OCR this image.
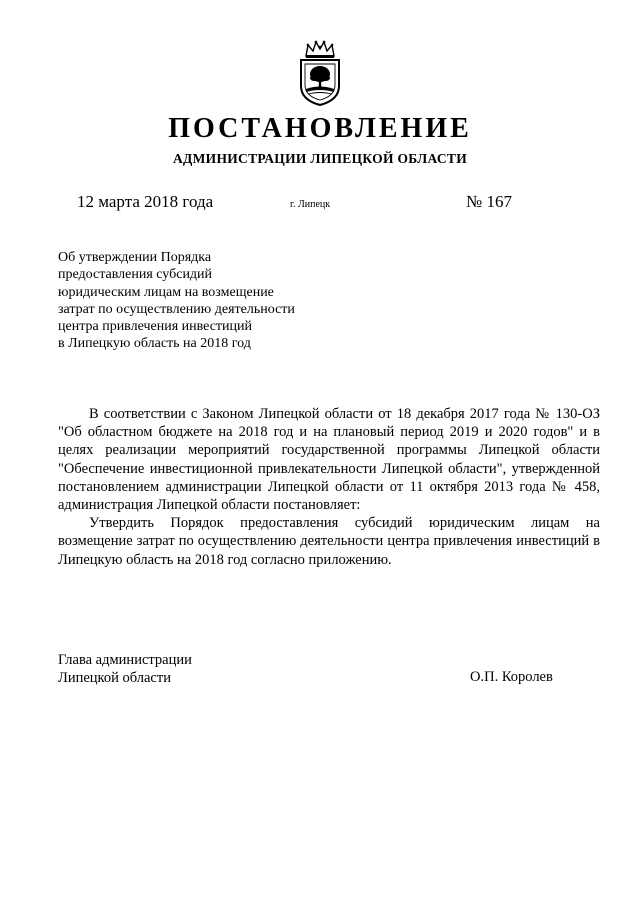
ПОСТАНОВЛЕНИЕ
АДМИНИСТРАЦИИ ЛИПЕЦКОЙ ОБЛАСТИ
12 марта 2018 года	г. Липецк	№ 167
Об утверждении Порядка
предоставления субсидий
юридическим лицам на возмещение
затрат по осуществлению деятельности
центра привлечения инвестиций
в Липецкую область на 2018 год

В соответствии с Законом Липецкой области от 18 декабря 2017 года № 130-ОЗ "Об областном бюджете на 2018 год и на плановый период 2019 и 2020 годов" и в целях реализации мероприятий государственной программы Липецкой области "Обеспечение инвестиционной привлекательности Липецкой области", утвержденной постановлением администрации Липецкой области от 11 октября 2013 года № 458, администрация Липецкой области постановляет:

Утвердить Порядок предоставления субсидий юридическим лицам на возмещение затрат по осуществлению деятельности центра привлечения инвестиций в Липецкую область на 2018 год согласно приложению.

Глава администрации
Липецкой области	О.П. Королев
